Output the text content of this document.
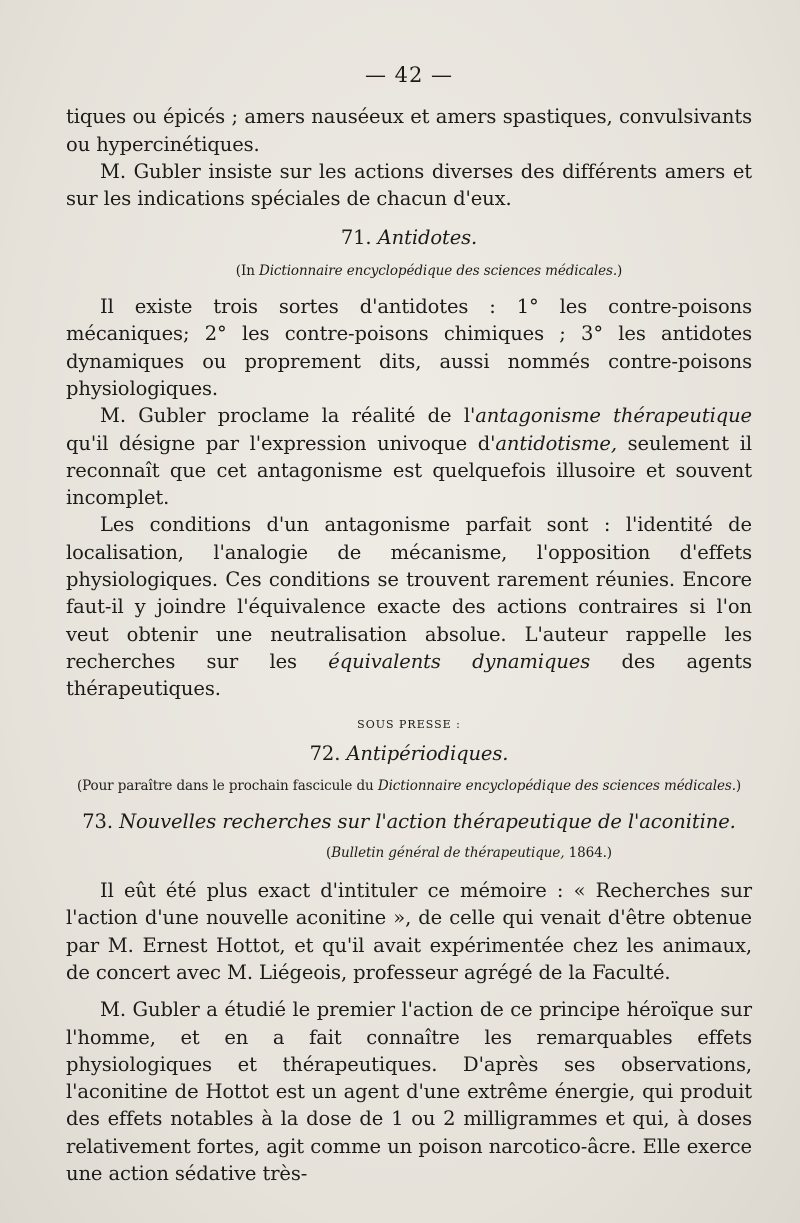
— 42 —

tiques ou épicés ; amers nauséeux et amers spastiques, convulsivants ou hypercinétiques.

M. Gubler insiste sur les actions diverses des différents amers et sur les indications spéciales de chacun d'eux.

71. Antidotes.
(In Dictionnaire encyclopédique des sciences médicales.)

Il existe trois sortes d'antidotes : 1° les contre-poisons mécaniques; 2° les contre-poisons chimiques ; 3° les antidotes dynamiques ou proprement dits, aussi nommés contre-poisons physiologiques.

M. Gubler proclame la réalité de l'antagonisme thérapeutique qu'il désigne par l'expression univoque d'antidotisme, seulement il reconnaît que cet antagonisme est quelquefois illusoire et souvent incomplet.

Les conditions d'un antagonisme parfait sont : l'identité de localisation, l'analogie de mécanisme, l'opposition d'effets physiologiques. Ces conditions se trouvent rarement réunies. Encore faut-il y joindre l'équivalence exacte des actions contraires si l'on veut obtenir une neutralisation absolue. L'auteur rappelle les recherches sur les équivalents dynamiques des agents thérapeutiques.

SOUS PRESSE :
72. Antipériodiques.
(Pour paraître dans le prochain fascicule du Dictionnaire encyclopédique des sciences médicales.)
73. Nouvelles recherches sur l'action thérapeutique de l'aconitine.
(Bulletin général de thérapeutique, 1864.)

Il eût été plus exact d'intituler ce mémoire : « Recherches sur l'action d'une nouvelle aconitine », de celle qui venait d'être obtenue par M. Ernest Hottot, et qu'il avait expérimentée chez les animaux, de concert avec M. Liégeois, professeur agrégé de la Faculté.

M. Gubler a étudié le premier l'action de ce principe héroïque sur l'homme, et en a fait connaître les remarquables effets physiologiques et thérapeutiques. D'après ses observations, l'aconitine de Hottot est un agent d'une extrême énergie, qui produit des effets notables à la dose de 1 ou 2 milligrammes et qui, à doses relativement fortes, agit comme un poison narcotico-âcre. Elle exerce une action sédative très-
